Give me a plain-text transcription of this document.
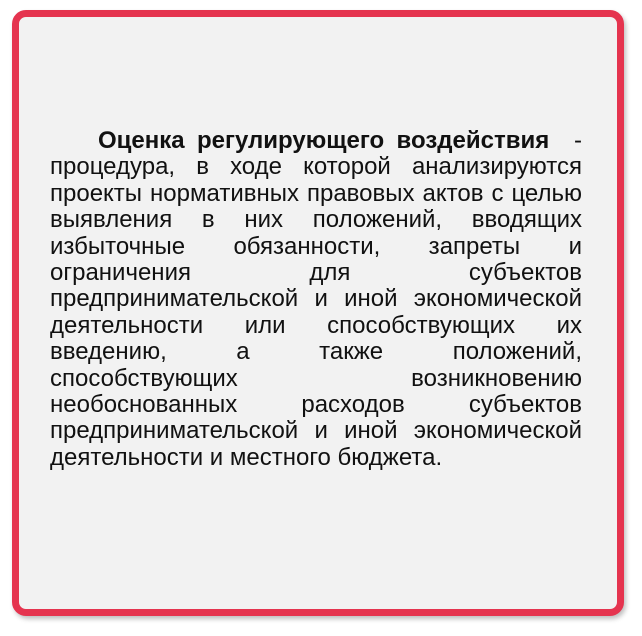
Оценка регулирующего воздействия -
процедура, в ходе которой анализируются
проекты нормативных правовых актов с целью
выявления в них положений, вводящих
избыточные обязанности, запреты и
ограничения для субъектов
предпринимательской и иной экономической
деятельности или способствующих их
введению, а также положений,
способствующих возникновению
необоснованных расходов субъектов
предпринимательской и иной экономической
деятельности и местного бюджета.
